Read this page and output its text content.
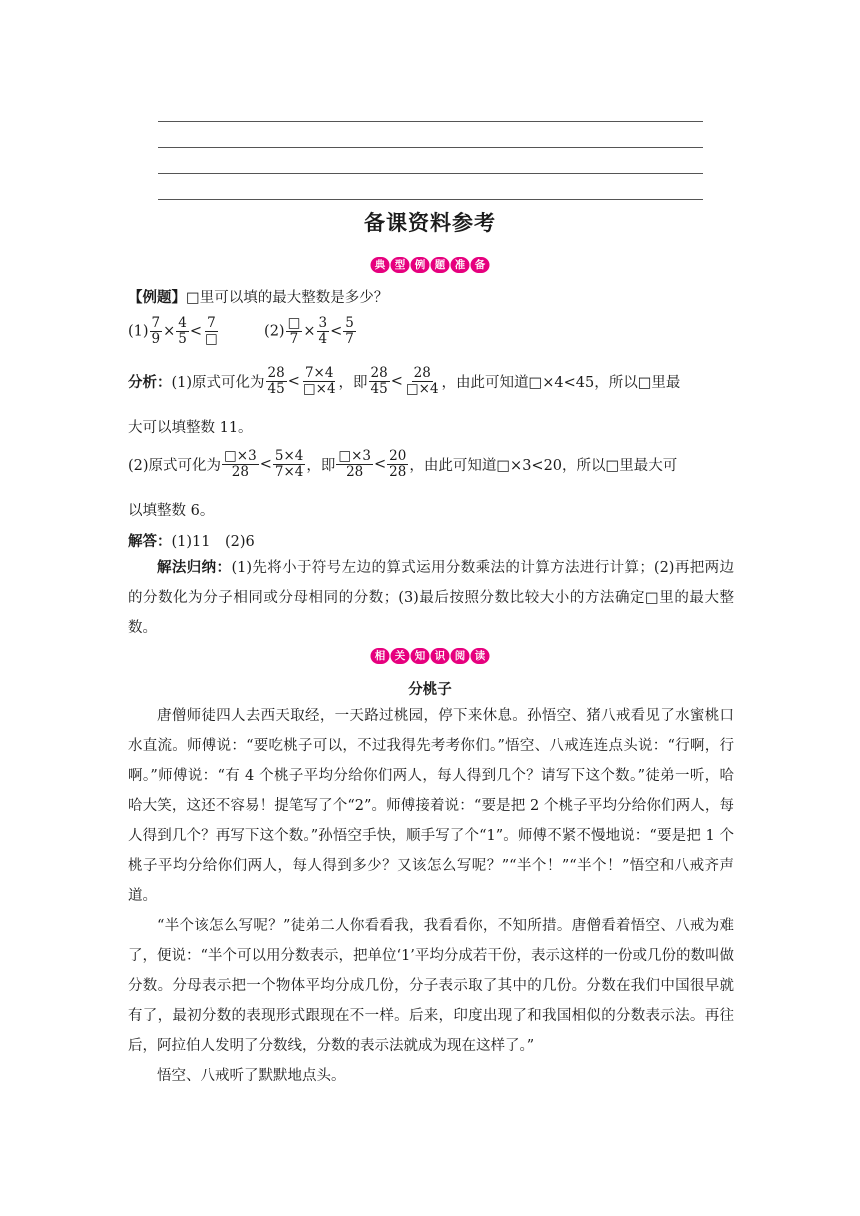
备课资料参考
典 型 例 题 准 备
【例题】□里可以填的最大整数是多少？
$(1) \frac{7}{9} \times \frac{4}{5} < \frac{7}{□}$	$(2) \frac{□}{7} \times \frac{3}{4} < \frac{5}{7}$
分析：(1)原式可化为 $\frac{28}{45} < \frac{7\times 4}{□\times 4}$ ，即 $\frac{28}{45} < \frac{28}{□\times 4}$ ，由此可知道□×4<45，所以□里最
大可以填整数 11。
(2)原式可化为 $\frac{□\times 3}{28} < \frac{5\times 4}{7\times 4}$ ，即 $\frac{□\times 3}{28} < \frac{20}{28}$ ，由此可知道□×3<20，所以□里最大可
以填整数 6。
解答：(1)11　(2)6

解法归纳：(1)先将小于符号左边的算式运用分数乘法的计算方法进行计算；(2)再把两边的分数化为分子相同或分母相同的分数；(3)最后按照分数比较大小的方法确定□里的最大整数。

相 关 知 识 阅 读
分桃子

唐僧师徒四人去西天取经，一天路过桃园，停下来休息。孙悟空、猪八戒看见了水蜜桃口水直流。师傅说：“要吃桃子可以，不过我得先考考你们。”悟空、八戒连连点头说：“行啊，行啊。”师傅说：“有 4 个桃子平均分给你们两人，每人得到几个？请写下这个数。”徒弟一听，哈哈大笑，这还不容易！提笔写了个“2”。师傅接着说：“要是把 2 个桃子平均分给你们两人，每人得到几个？再写下这个数。”孙悟空手快，顺手写了个“1”。师傅不紧不慢地说：“要是把 1 个桃子平均分给你们两人，每人得到多少？又该怎么写呢？”“半个！”“半个！”悟空和八戒齐声道。

“半个该怎么写呢？”徒弟二人你看看我，我看看你，不知所措。唐僧看着悟空、八戒为难了，便说：“半个可以用分数表示，把单位‘1’平均分成若干份，表示这样的一份或几份的数叫做分数。分母表示把一个物体平均分成几份，分子表示取了其中的几份。分数在我们中国很早就有了，最初分数的表现形式跟现在不一样。后来，印度出现了和我国相似的分数表示法。再往后，阿拉伯人发明了分数线，分数的表示法就成为现在这样了。”

悟空、八戒听了默默地点头。
